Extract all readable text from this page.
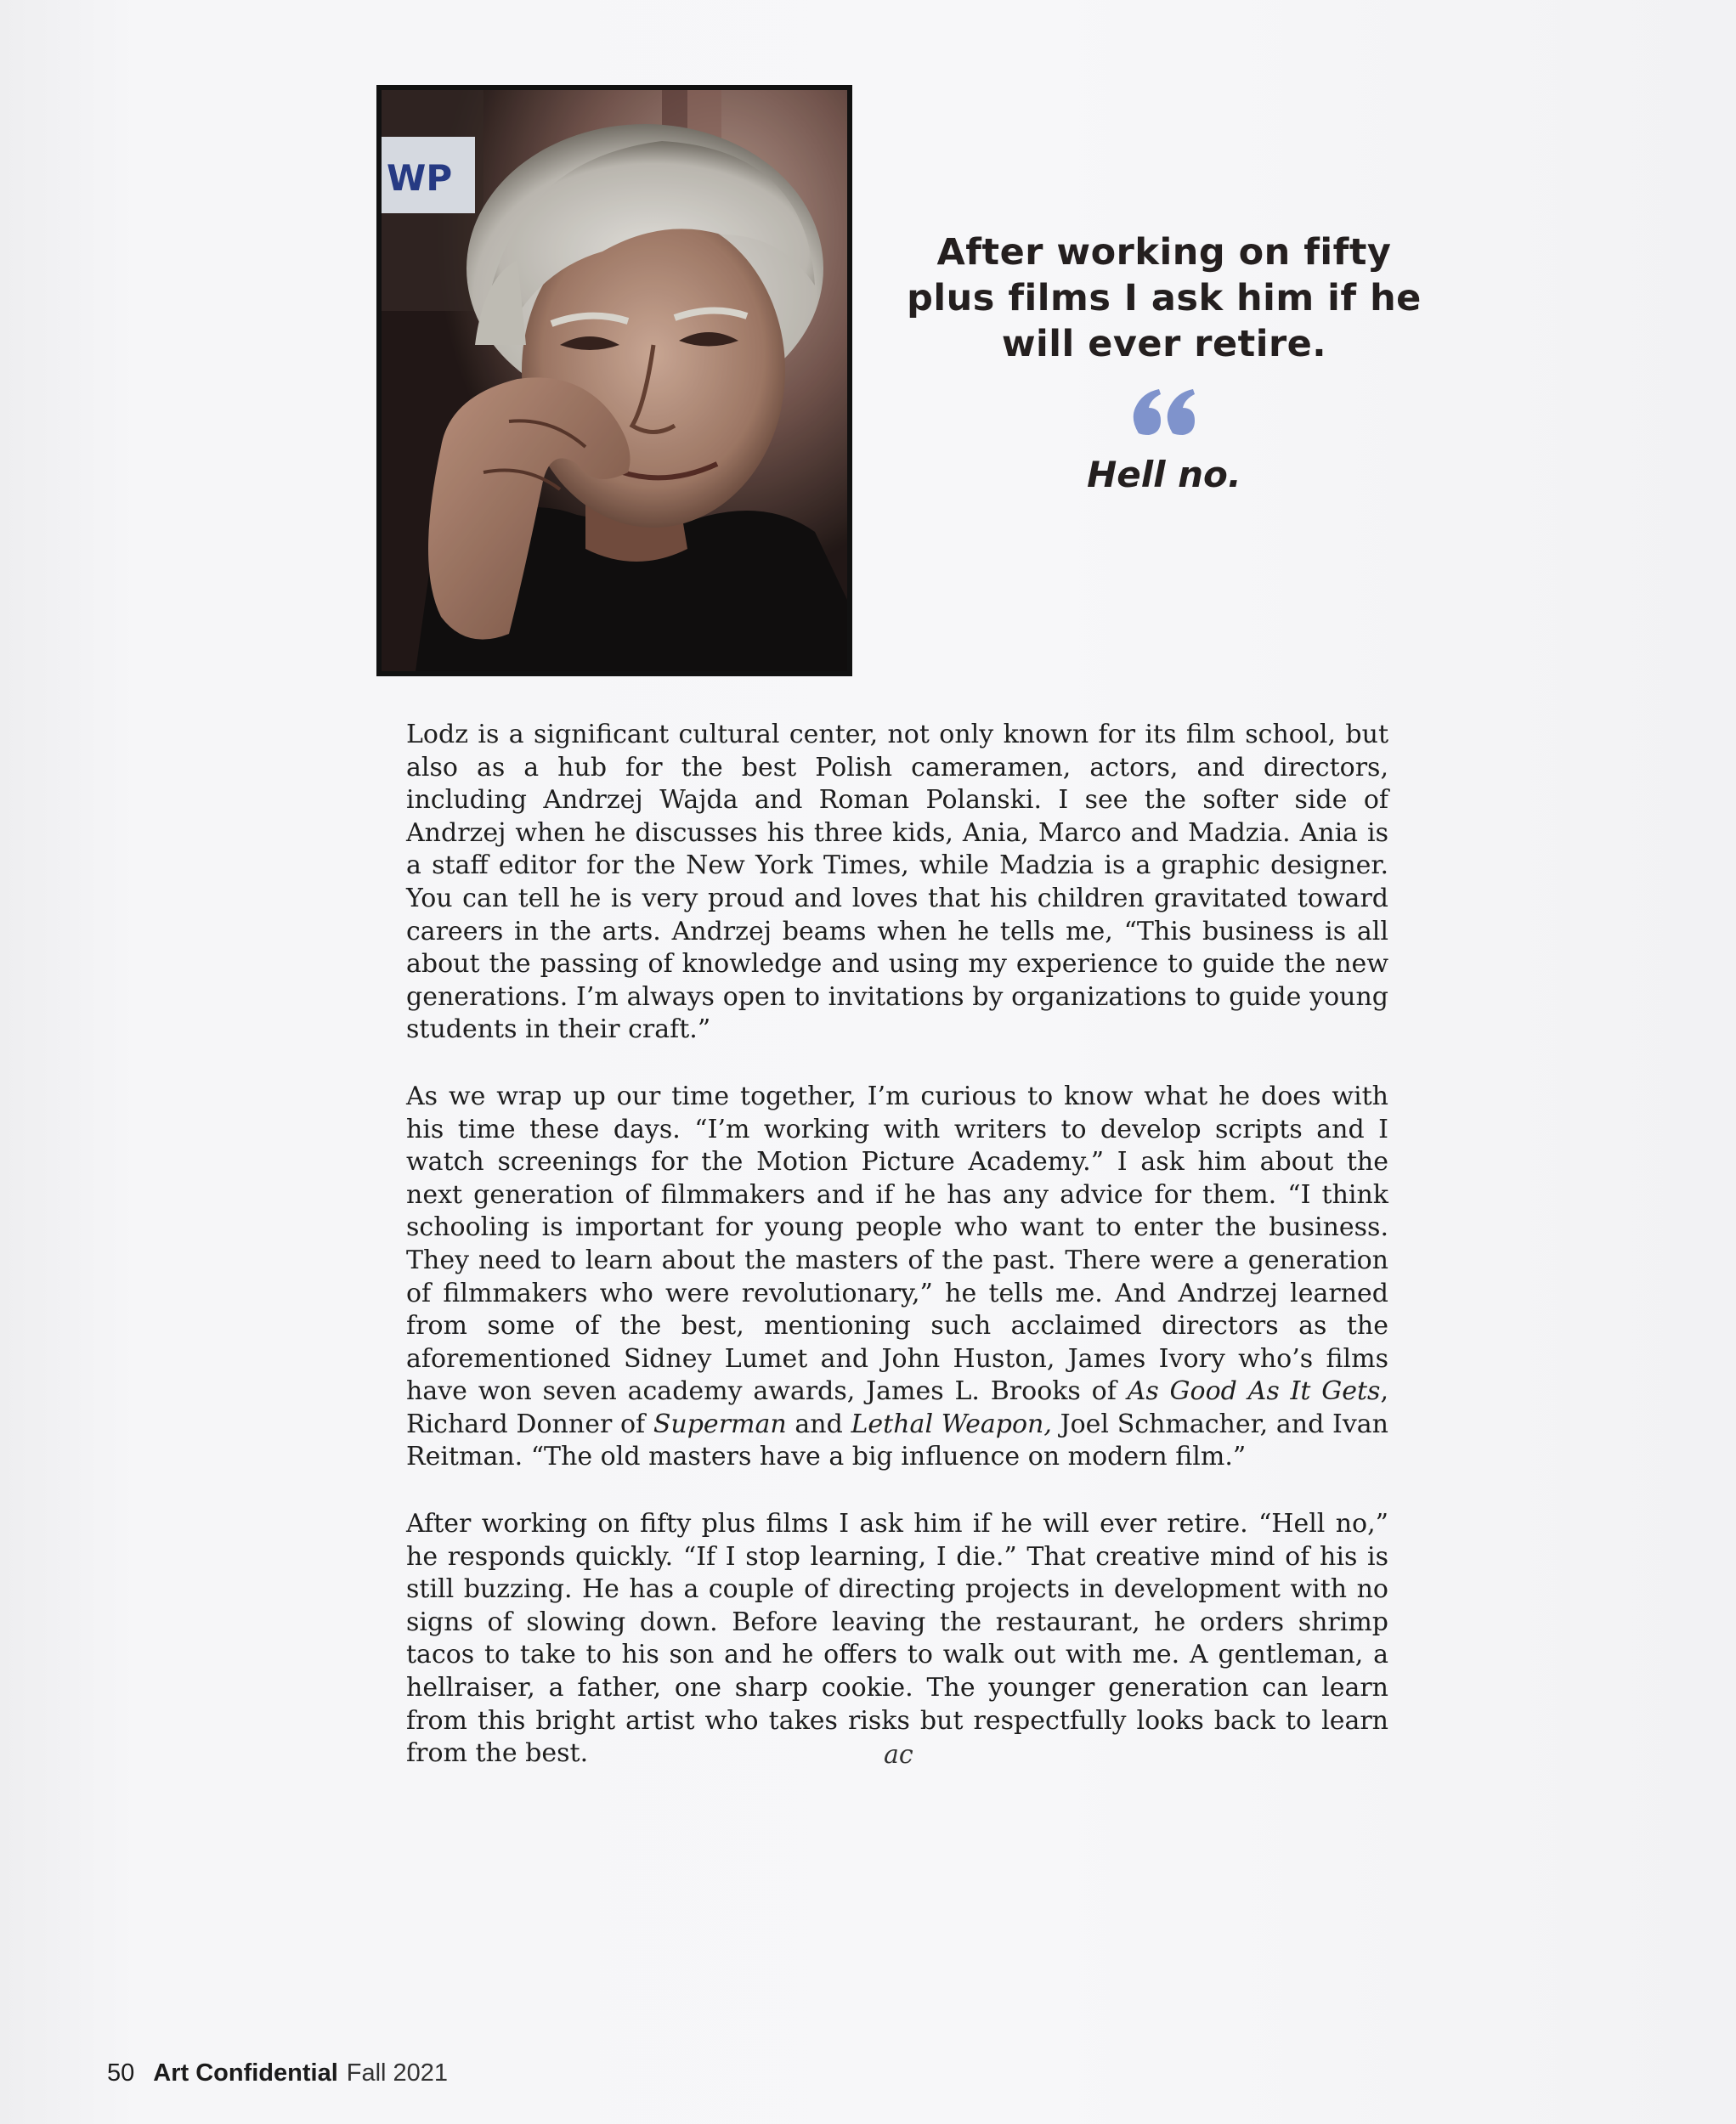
WP

After working on fifty plus films I ask him if he will ever retire.

Hell no.

Lodz is a significant cultural center, not only known for its film school, but also as a hub for the best Polish cameramen, actors, and directors, including Andrzej Wajda and Roman Polanski. I see the softer side of Andrzej when he discusses his three kids, Ania, Marco and Madzia. Ania is a staff editor for the New York Times, while Madzia is a graphic designer. You can tell he is very proud and loves that his children gravitated toward careers in the arts. Andrzej beams when he tells me, “This business is all about the passing of knowledge and using my experience to guide the new generations. I’m always open to invitations by organizations to guide young students in their craft.”

As we wrap up our time together, I’m curious to know what he does with his time these days. “I’m working with writers to develop scripts and I watch screenings for the Motion Picture Academy.” I ask him about the next generation of filmmakers and if he has any advice for them. “I think schooling is important for young people who want to enter the business. They need to learn about the masters of the past. There were a generation of filmmakers who were revolutionary,” he tells me. And Andrzej learned from some of the best, mentioning such acclaimed directors as the aforementioned Sidney Lumet and John Huston, James Ivory who’s films have won seven academy awards, James L. Brooks of As Good As It Gets, Richard Donner of Superman and Lethal Weapon, Joel Schmacher, and Ivan Reitman. “The old masters have a big influence on modern film.”

After working on fifty plus films I ask him if he will ever retire. “Hell no,” he responds quickly. “If I stop learning, I die.” That creative mind of his is still buzzing. He has a couple of directing projects in development with no signs of slowing down. Before leaving the restaurant, he orders shrimp tacos to take to his son and he offers to walk out with me. A gentleman, a hellraiser, a father, one sharp cookie. The younger generation can learn from this bright artist who takes risks but respectfully looks back to learn from the best.	ac
50 Art Confidential Fall 2021
